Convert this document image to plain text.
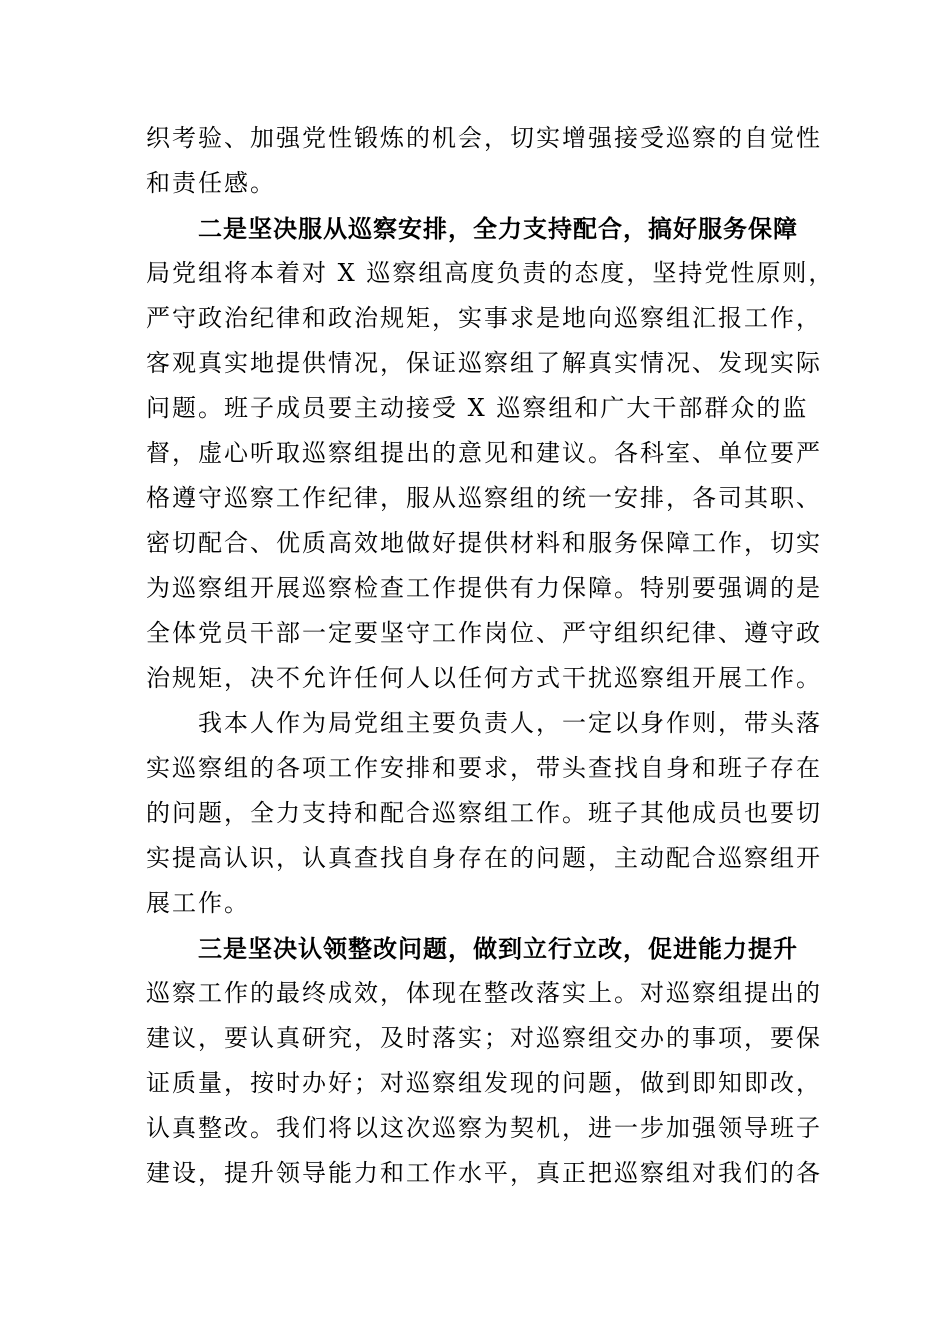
织考验、加强党性锻炼的机会，切实增强接受巡察的自觉性
和责任感。
二是坚决服从巡察安排，全力支持配合，搞好服务保障
局党组将本着对 X 巡察组高度负责的态度，坚持党性原则，
严守政治纪律和政治规矩，实事求是地向巡察组汇报工作，
客观真实地提供情况，保证巡察组了解真实情况、发现实际
问题。班子成员要主动接受 X 巡察组和广大干部群众的监
督，虚心听取巡察组提出的意见和建议。各科室、单位要严
格遵守巡察工作纪律，服从巡察组的统一安排，各司其职、
密切配合、优质高效地做好提供材料和服务保障工作，切实
为巡察组开展巡察检查工作提供有力保障。特别要强调的是
全体党员干部一定要坚守工作岗位、严守组织纪律、遵守政
治规矩，决不允许任何人以任何方式干扰巡察组开展工作。
我本人作为局党组主要负责人，一定以身作则，带头落
实巡察组的各项工作安排和要求，带头查找自身和班子存在
的问题，全力支持和配合巡察组工作。班子其他成员也要切
实提高认识，认真查找自身存在的问题，主动配合巡察组开
展工作。
三是坚决认领整改问题，做到立行立改，促进能力提升
巡察工作的最终成效，体现在整改落实上。对巡察组提出的
建议，要认真研究，及时落实；对巡察组交办的事项，要保
证质量，按时办好；对巡察组发现的问题，做到即知即改，
认真整改。我们将以这次巡察为契机，进一步加强领导班子
建设，提升领导能力和工作水平，真正把巡察组对我们的各
